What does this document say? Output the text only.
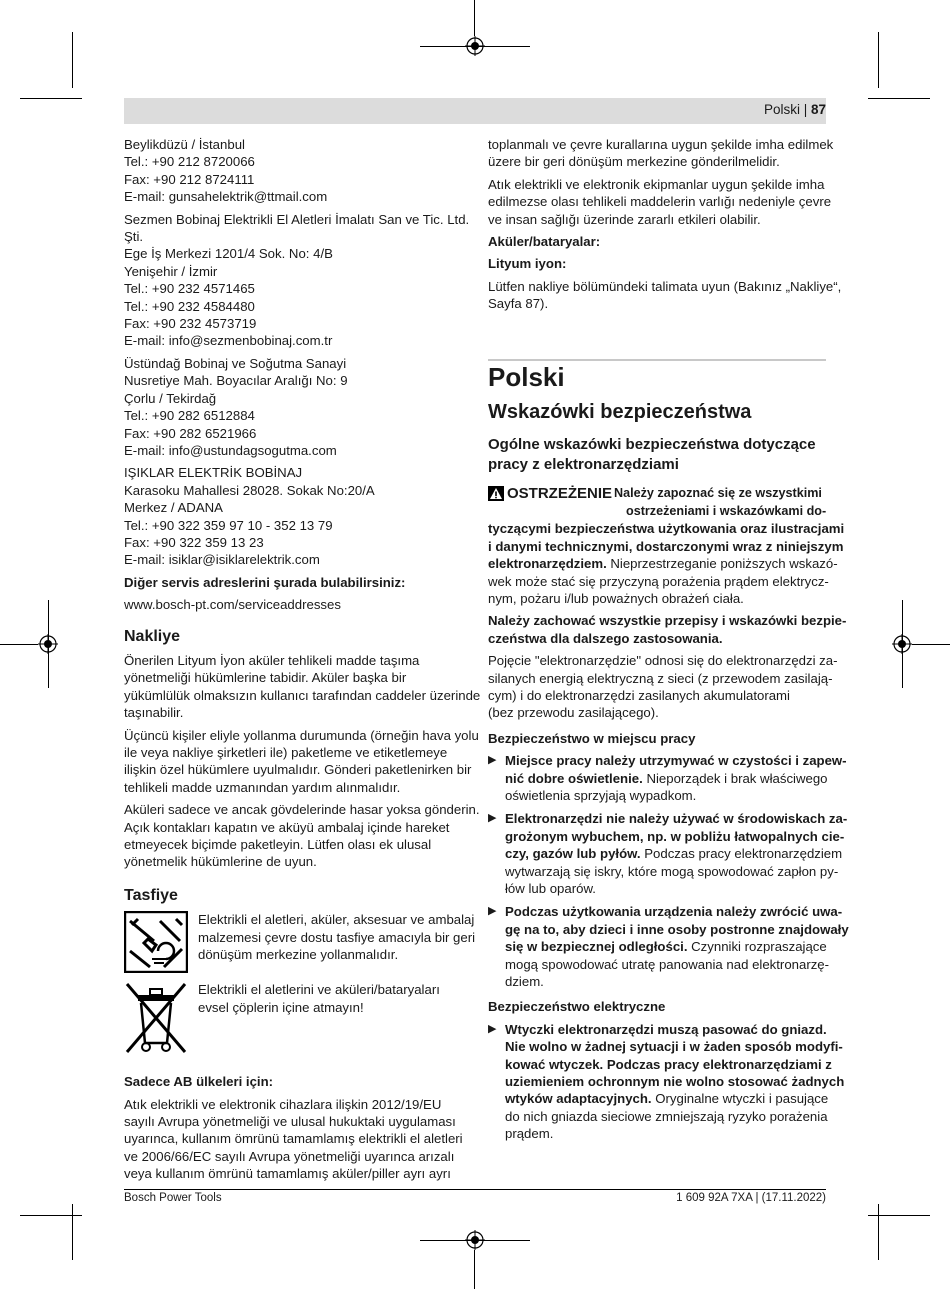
Polski | 87
Beylikdüzü / İstanbul
Tel.: +90 212 8720066
Fax: +90 212 8724111
E-mail: gunsahelektrik@ttmail.com
Sezmen Bobinaj Elektrikli El Aletleri İmalatı San ve Tic. Ltd.
Şti.
Ege İş Merkezi 1201/4 Sok. No: 4/B
Yenişehir / İzmir
Tel.: +90 232 4571465
Tel.: +90 232 4584480
Fax: +90 232 4573719
E-mail: info@sezmenbobinaj.com.tr
Üstündağ Bobinaj ve Soğutma Sanayi
Nusretiye Mah. Boyacılar Aralığı No: 9
Çorlu / Tekirdağ
Tel.: +90 282 6512884
Fax: +90 282 6521966
E-mail: info@ustundagsogutma.com
IŞIKLAR ELEKTRİK BOBİNAJ
Karasoku Mahallesi 28028. Sokak No:20/A
Merkez / ADANA
Tel.: +90 322 359 97 10 - 352 13 79
Fax: +90 322 359 13 23
E-mail: isiklar@isiklarelektrik.com
Diğer servis adreslerini şurada bulabilirsiniz:
www.bosch-pt.com/serviceaddresses
Nakliye
Önerilen Lityum İyon aküler tehlikeli madde taşıma
yönetmeliği hükümlerine tabidir. Aküler başka bir
yükümlülük olmaksızın kullanıcı tarafından caddeler üzerinde
taşınabilir.
Üçüncü kişiler eliyle yollanma durumunda (örneğin hava yolu
ile veya nakliye şirketleri ile) paketleme ve etiketlemeye
ilişkin özel hükümlere uyulmalıdır. Gönderi paketlenirken bir
tehlikeli madde uzmanından yardım alınmalıdır.
Aküleri sadece ve ancak gövdelerinde hasar yoksa gönderin.
Açık kontakları kapatın ve aküyü ambalaj içinde hareket
etmeyecek biçimde paketleyin. Lütfen olası ek ulusal
yönetmelik hükümlerine de uyun.
Tasfiye
Elektrikli el aletleri, aküler, aksesuar ve ambalaj
malzemesi çevre dostu tasfiye amacıyla bir geri
dönüşüm merkezine yollanmalıdır.
Elektrikli el aletlerini ve aküleri/bataryaları
evsel çöplerin içine atmayın!
Sadece AB ülkeleri için:
Atık elektrikli ve elektronik cihazlara ilişkin 2012/19/EU
sayılı Avrupa yönetmeliği ve ulusal hukuktaki uygulaması
uyarınca, kullanım ömrünü tamamlamış elektrikli el aletleri
ve 2006/66/EC sayılı Avrupa yönetmeliği uyarınca arızalı
veya kullanım ömrünü tamamlamış aküler/piller ayrı ayrı
toplanmalı ve çevre kurallarına uygun şekilde imha edilmek
üzere bir geri dönüşüm merkezine gönderilmelidir.
Atık elektrikli ve elektronik ekipmanlar uygun şekilde imha
edilmezse olası tehlikeli maddelerin varlığı nedeniyle çevre
ve insan sağlığı üzerinde zararlı etkileri olabilir.
Aküler/bataryalar:
Lityum iyon:
Lütfen nakliye bölümündeki talimata uyun (Bakınız „Nakliye“,
Sayfa 87).
Polski
Wskazówki bezpieczeństwa
Ogólne wskazówki bezpieczeństwa dotyczące
pracy z elektronarzędziami
OSTRZEŻENIE Należy zapoznać się ze wszystkimi
ostrzeżeniami i wskazówkami do-
tyczącymi bezpieczeństwa użytkowania oraz ilustracjami
i danymi technicznymi, dostarczonymi wraz z niniejszym
elektronarzędziem. Nieprzestrzeganie poniższych wskazó-
wek może stać się przyczyną porażenia prądem elektrycz-
nym, pożaru i/lub poważnych obrażeń ciała.
Należy zachować wszystkie przepisy i wskazówki bezpie-
czeństwa dla dalszego zastosowania.
Pojęcie "elektronarzędzie" odnosi się do elektronarzędzi za-
silanych energią elektryczną z sieci (z przewodem zasilają-
cym) i do elektronarzędzi zasilanych akumulatorami
(bez przewodu zasilającego).
Bezpieczeństwo w miejscu pracy
▶ Miejsce pracy należy utrzymywać w czystości i zapew-
nić dobre oświetlenie. Nieporządek i brak właściwego
oświetlenia sprzyjają wypadkom.
▶ Elektronarzędzi nie należy używać w środowiskach za-
grożonym wybuchem, np. w pobliżu łatwopalnych cie-
czy, gazów lub pyłów. Podczas pracy elektronarzędziem
wytwarzają się iskry, które mogą spowodować zapłon py-
łów lub oparów.
▶ Podczas użytkowania urządzenia należy zwrócić uwa-
gę na to, aby dzieci i inne osoby postronne znajdowały
się w bezpiecznej odległości. Czynniki rozpraszające
mogą spowodować utratę panowania nad elektronarzę-
dziem.
Bezpieczeństwo elektryczne
▶ Wtyczki elektronarzędzi muszą pasować do gniazd.
Nie wolno w żadnej sytuacji i w żaden sposób modyfi-
kować wtyczek. Podczas pracy elektronarzędziami z
uziemieniem ochronnym nie wolno stosować żadnych
wtyków adaptacyjnych. Oryginalne wtyczki i pasujące
do nich gniazda sieciowe zmniejszają ryzyko porażenia
prądem.
Bosch Power Tools	1 609 92A 7XA | (17.11.2022)
